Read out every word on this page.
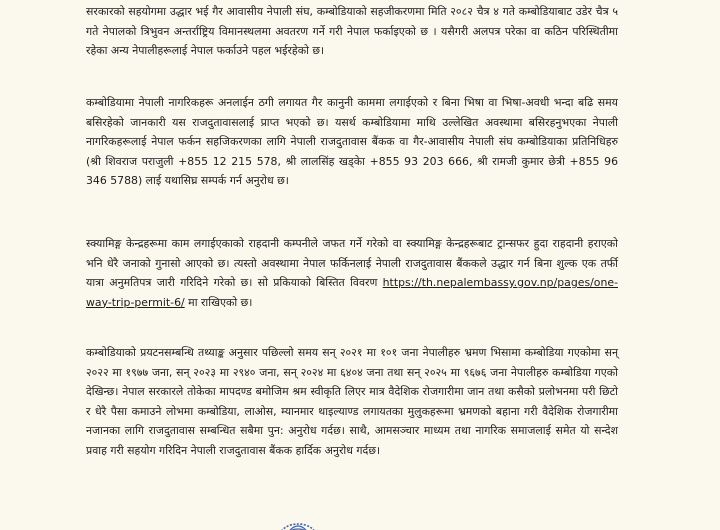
सरकारको सहयोगमा उद्धार भई गैर आवासीय नेपाली संघ, कम्बोडियाको सहजीकरणमा मिति २०८२ चैत्र ४ गते कम्बोडियाबाट उडेर चैत्र ५ गते नेपालको त्रिभुवन अन्तर्राष्ट्रिय विमानस्थलमा अवतरण गर्ने गरी नेपाल फर्काइएको छ । यसैगरी अलपत्र परेका वा कठिन परिस्थितीमा रहेका अन्य नेपालीहरूलाई नेपाल फर्काउने पहल भईरहेको छ।

कम्बोडियामा नेपाली नागरिकहरू अनलाईन ठगी लगायत गैर कानुनी काममा लगाईएको र बिना भिषा वा भिषा-अवधी भन्दा बढि समय बसिरहेको जानकारी यस राजदुतावासलाई प्राप्त भएको छ। यसर्थ कम्बोडियामा माथि उल्लेखित अवस्थामा बसिरहनुभएका नेपाली नागरिकहरूलाई नेपाल फर्कन सहजिकरणका लागि नेपाली राजदुतावास बैंकक वा गैर-आवासीय नेपाली संघ कम्बोडियाका प्रतिनिधिहरु (श्री शिवराज पराजुली +855 12 215 578, श्री लालसिंह खड्केा +855 93 203 666, श्री रामजी कुमार छेत्री +855 96 346 5788) लाई यथासिघ्र सम्पर्क गर्न अनुरोध छ।

स्क्यामिङ्ग केन्द्रहरूमा काम लगाईएकाको राहदानी कम्पनीले जफत गर्ने गरेको वा स्क्यामिङ्ग केन्द्रहरूबाट ट्रान्सफर हुदा राहदानी हराएको भनि धेरै जनाको गुनासो आएको छ। त्यस्तो अवस्थामा नेपाल फर्किनलाई नेपाली राजदुतावास बैंककले उद्धार गर्न बिना शुल्क एक तर्फी यात्रा अनुमतिपत्र जारी गरिदिने गरेको छ। सो प्रकियाको बिस्तित विवरण https://th.nepalembassy.gov.np/pages/one-way-trip-permit-6/ मा राखिएको छ।

कम्बोडियाको प्रयटनसम्बन्धि तथ्याङ्क अनुसार पछिल्लो समय सन् २०२१ मा १०१ जना नेपालीहरु भ्रमण भिसामा कम्बोडिया गएकोमा सन् २०२२ मा १९७७ जना, सन् २०२३ मा २९४० जना, सन् २०२४ मा ६४०४ जना तथा सन् २०२५ मा ९६७६ जना नेपालीहरु कम्बोडिया गएको देखिन्छ। नेपाल सरकारले तोकेका मापदण्ड बमोजिम श्रम स्वीकृति लिएर मात्र वैदेशिक रोजगारीमा जान तथा कसैको प्रलोभनमा परी छिटो र धेरै पैसा कमाउने लोभमा कम्बोडिया, लाओस, म्यानमार थाइल्याण्ड लगायतका मुलुकहरूमा भ्रमणको बहाना गरी वैदेशिक रोजगारीमा नजानका लागि राजदुतावास सम्बन्धित सबैमा पुन: अनुरोध गर्दछ। साथै, आमसञ्चार माध्यम तथा नागरिक समाजलाई समेत यो सन्देश प्रवाह गरी सहयोग गरिदिन नेपाली राजदुतावास बैंकक हार्दिक अनुरोध गर्दछ।
